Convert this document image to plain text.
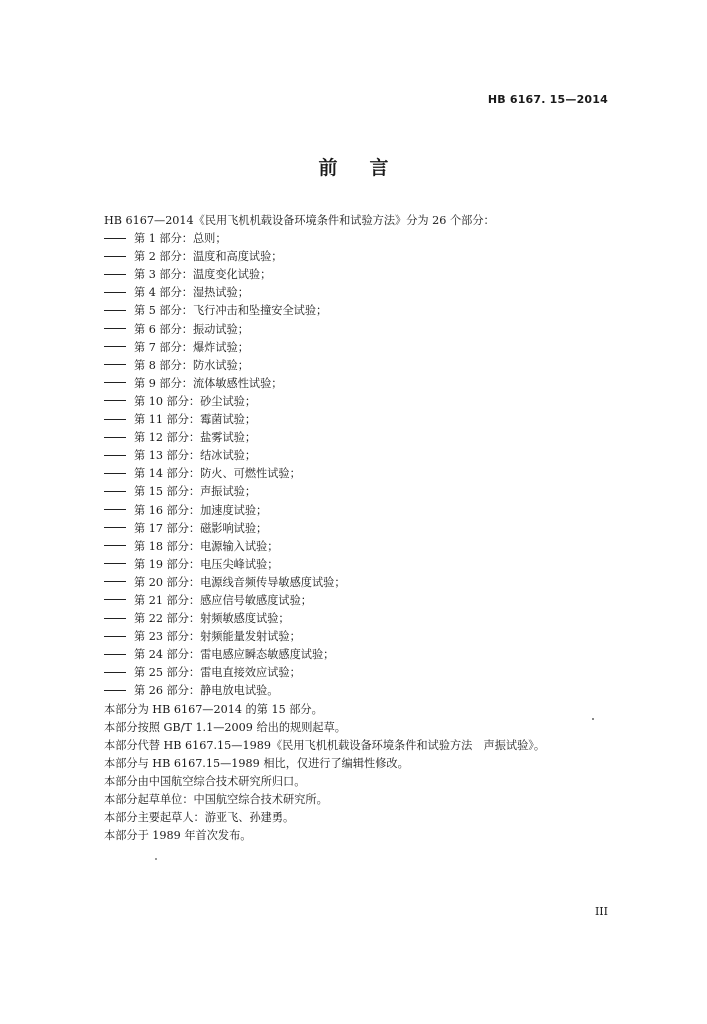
HB 6167. 15—2014
前言
HB 6167—2014《民用飞机机载设备环境条件和试验方法》分为 26 个部分：
第 1 部分：总则；
第 2 部分：温度和高度试验；
第 3 部分：温度变化试验；
第 4 部分：湿热试验；
第 5 部分：飞行冲击和坠撞安全试验；
第 6 部分：振动试验；
第 7 部分：爆炸试验；
第 8 部分：防水试验；
第 9 部分：流体敏感性试验；
第 10 部分：砂尘试验；
第 11 部分：霉菌试验；
第 12 部分：盐雾试验；
第 13 部分：结冰试验；
第 14 部分：防火、可燃性试验；
第 15 部分：声振试验；
第 16 部分：加速度试验；
第 17 部分：磁影响试验；
第 18 部分：电源输入试验；
第 19 部分：电压尖峰试验；
第 20 部分：电源线音频传导敏感度试验；
第 21 部分：感应信号敏感度试验；
第 22 部分：射频敏感度试验；
第 23 部分：射频能量发射试验；
第 24 部分：雷电感应瞬态敏感度试验；
第 25 部分：雷电直接效应试验；
第 26 部分：静电放电试验。
本部分为 HB 6167—2014 的第 15 部分。
本部分按照 GB/T 1.1—2009 给出的规则起草。
本部分代替 HB 6167.15—1989《民用飞机机载设备环境条件和试验方法　声振试验》。
本部分与 HB 6167.15—1989 相比，仅进行了编辑性修改。
本部分由中国航空综合技术研究所归口。
本部分起草单位：中国航空综合技术研究所。
本部分主要起草人：游亚飞、孙建勇。
本部分于 1989 年首次发布。
III
